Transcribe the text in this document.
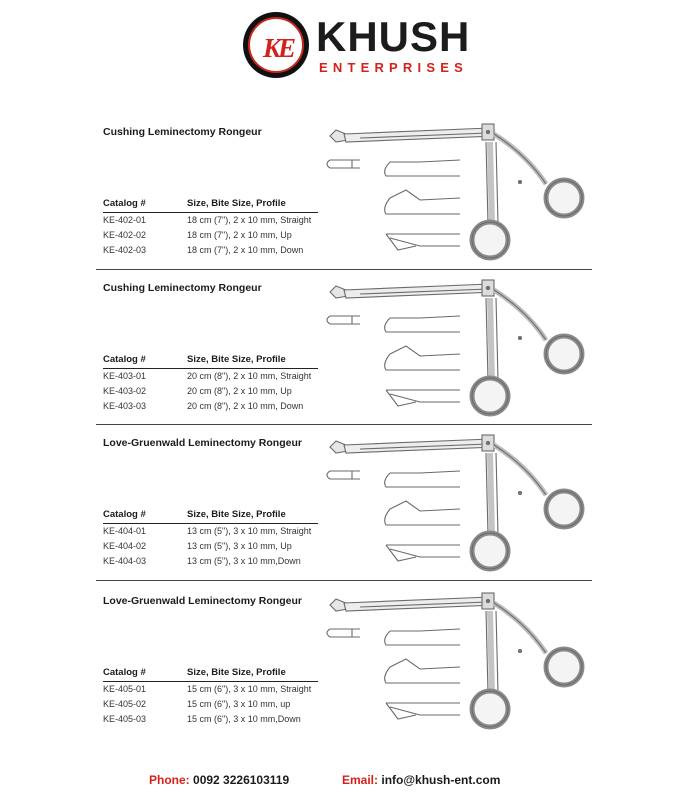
KE KHUSH
ENTERPRISES
Cushing Leminectomy Rongeur
Catalog #	Size, Bite Size, Profile
KE-402-01	18 cm (7"), 2 x 10 mm, Straight
KE-402-02	18 cm (7"), 2 x 10 mm, Up
KE-402-03	18 cm (7"), 2 x 10 mm, Down
Cushing Leminectomy Rongeur
Catalog #	Size, Bite Size, Profile
KE-403-01	20 cm (8"), 2 x 10 mm, Straight
KE-403-02	20 cm (8"), 2 x 10 mm, Up
KE-403-03	20 cm (8"), 2 x 10 mm, Down
Love-Gruenwald Leminectomy Rongeur
Catalog #	Size, Bite Size, Profile
KE-404-01	13 cm (5"), 3 x 10 mm, Straight
KE-404-02	13 cm (5"), 3 x 10 mm, Up
KE-404-03	13 cm (5"), 3 x 10 mm,Down
Love-Gruenwald Leminectomy Rongeur
Catalog #	Size, Bite Size, Profile
KE-405-01	15 cm (6"), 3 x 10 mm, Straight
KE-405-02	15 cm (6"), 3 x 10 mm, up
KE-405-03	15 cm (6"), 3 x 10 mm,Down
Phone: 0092 3226103119	Email: info@khush-ent.com
